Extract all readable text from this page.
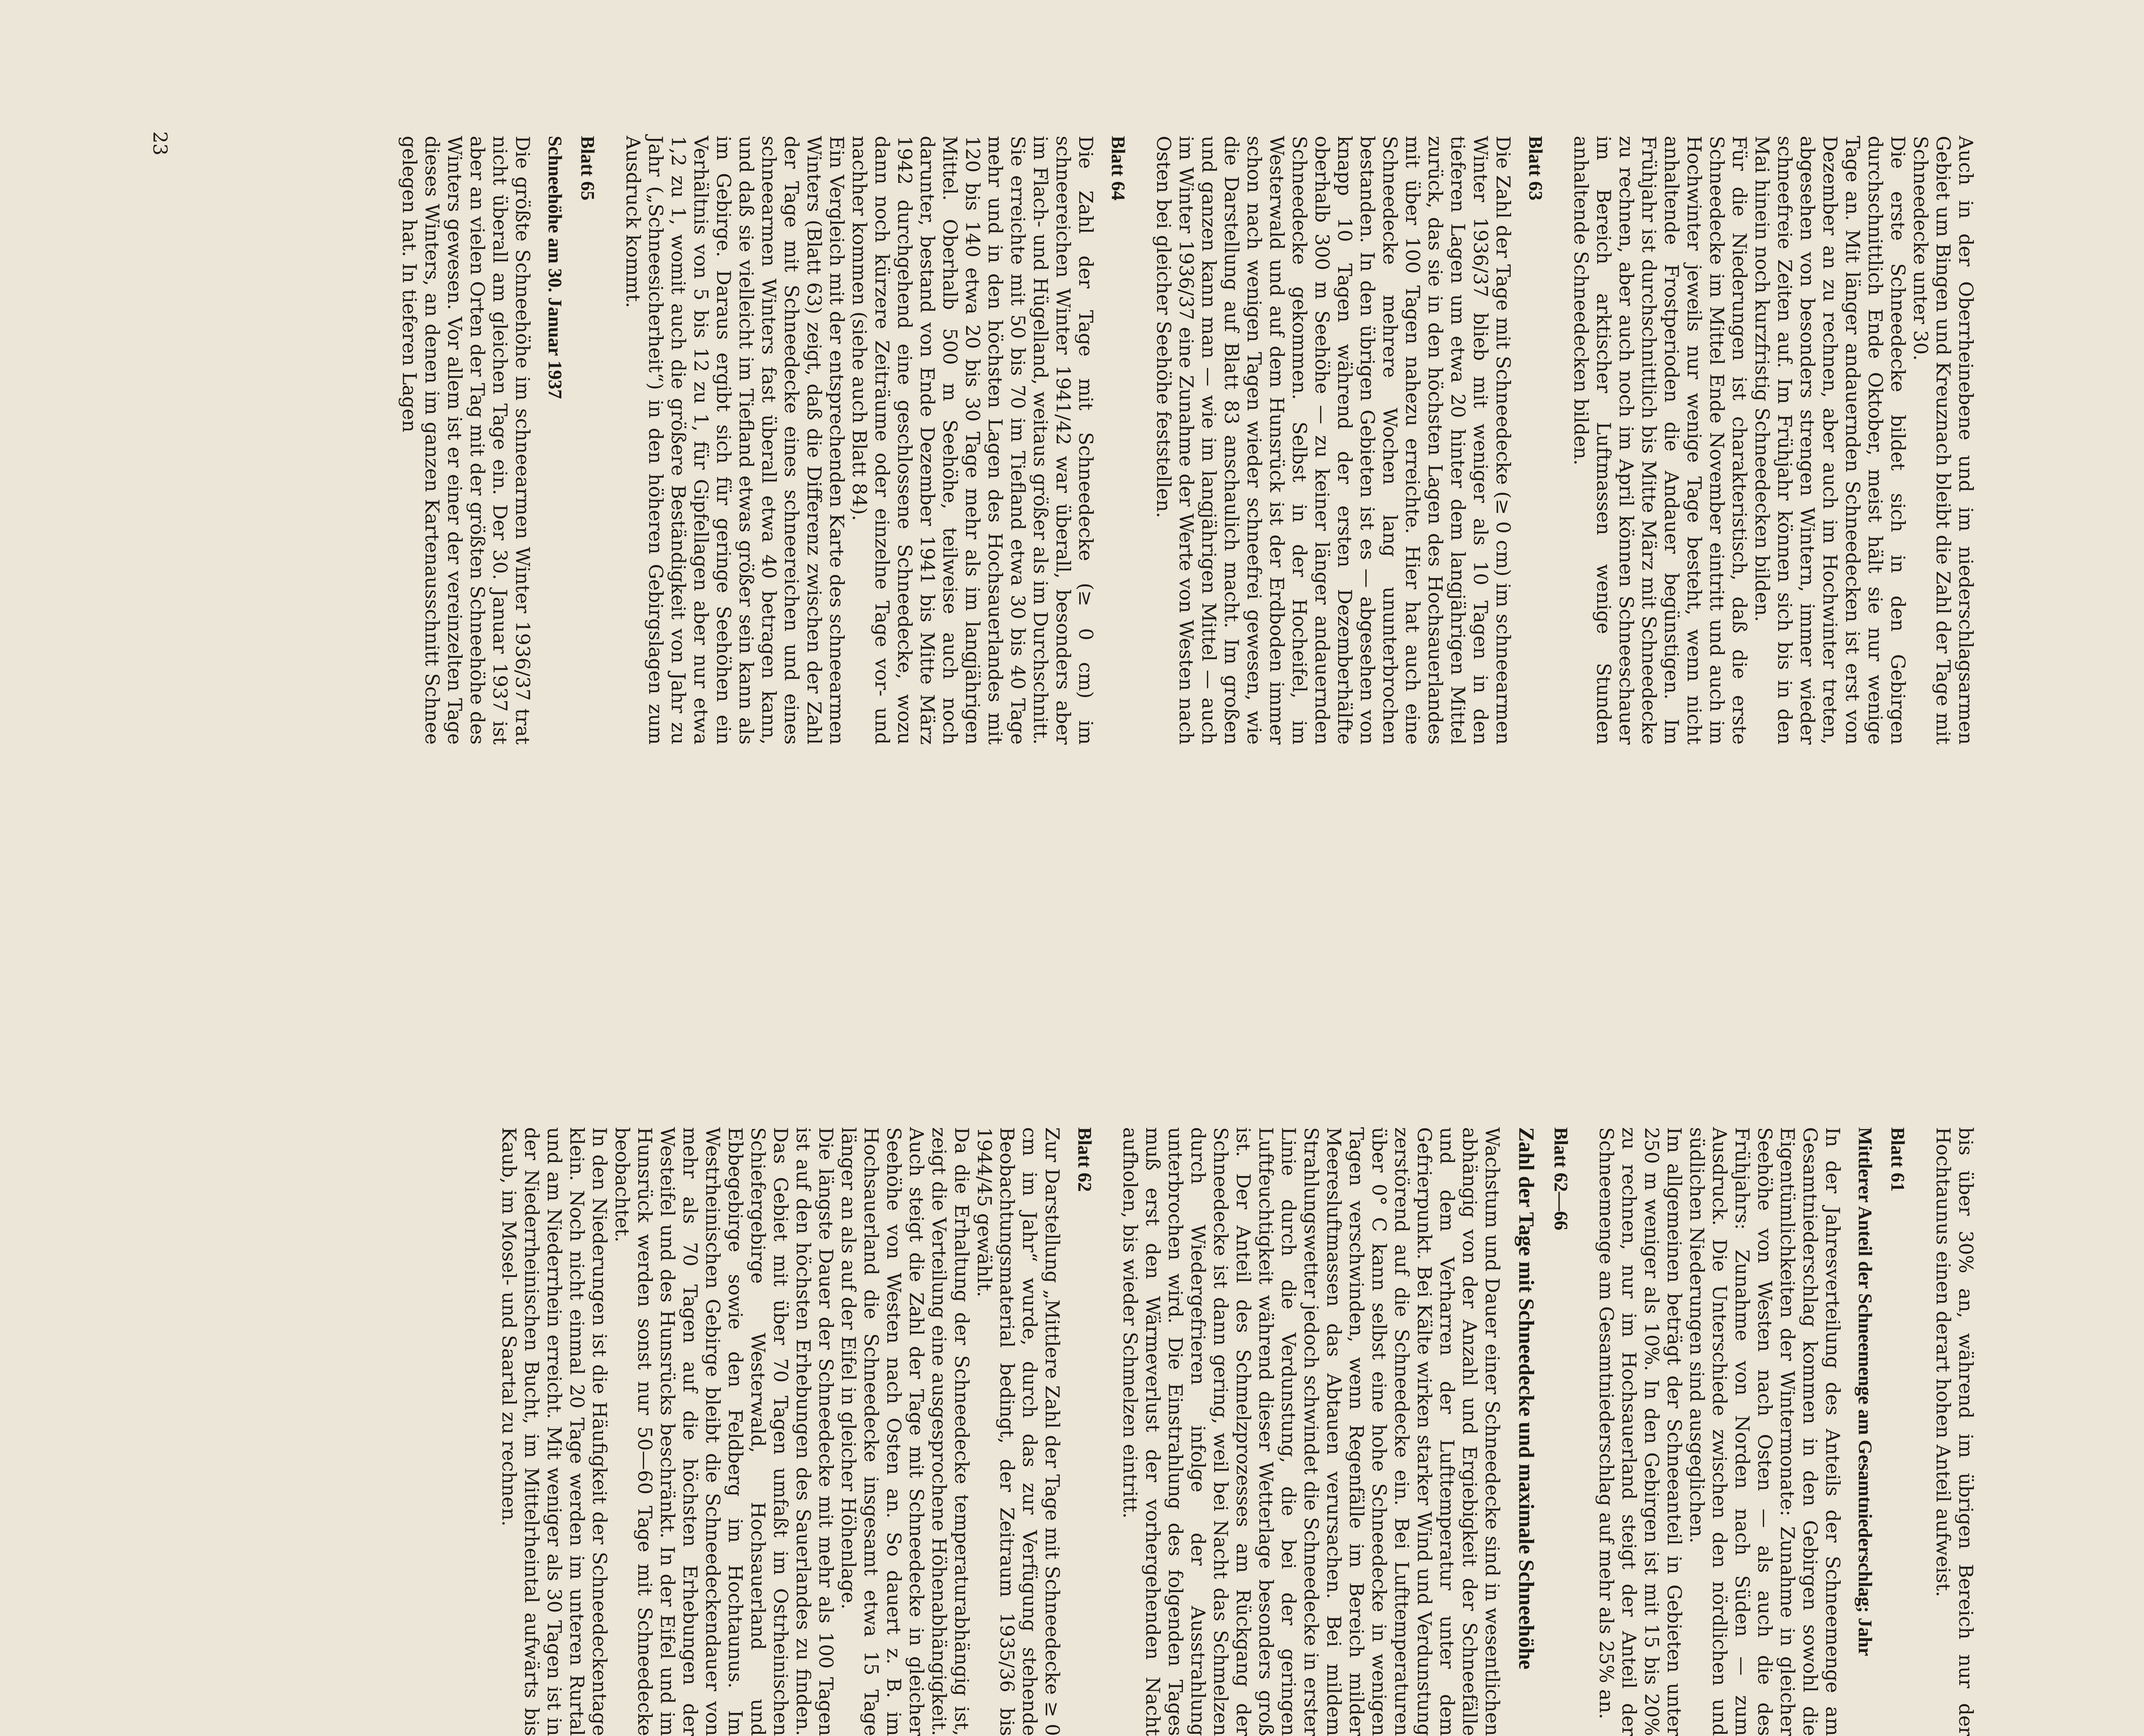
bis über 30% an, während im übrigen Bereich nur der Hochtaunus einen derart hohen Anteil aufweist.

Blatt 61

Mittlerer Anteil der Schneemenge am Gesamtniederschlag; Jahr

In der Jahresverteilung des Anteils der Schneemenge am Gesamtniederschlag kommen in den Gebirgen sowohl die Eigentümlichkeiten der Wintermonate: Zunahme in gleicher Seehöhe von Westen nach Osten — als auch die des Frühjahrs: Zunahme von Norden nach Süden — zum Ausdruck. Die Unterschiede zwischen den nördlichen und südlichen Niederungen sind ausgeglichen.

Im allgemeinen beträgt der Schneeanteil in Gebieten unter 250 m weniger als 10%. In den Gebirgen ist mit 15 bis 20% zu rechnen, nur im Hochsauerland steigt der Anteil der Schneemenge am Gesamtniederschlag auf mehr als 25% an.

Blatt 62—66

Zahl der Tage mit Schneedecke und maximale Schneehöhe

Wachstum und Dauer einer Schneedecke sind in wesentlichen abhängig von der Anzahl und Ergiebigkeit der Schneefälle und dem Verharren der Lufttemperatur unter dem Gefrierpunkt. Bei Kälte wirken starker Wind und Verdunstung zerstörend auf die Schneedecke ein. Bei Lufttemperaturen über 0° C kann selbst eine hohe Schneedecke in wenigen Tagen verschwinden, wenn Regenfälle im Bereich milder Meeresluftmassen das Abtauen verursachen. Bei mildem Strahlungswetter jedoch schwindet die Schneedecke in erster Linie durch die Verdunstung, die bei der geringen Luftfeuchtigkeit während dieser Wetterlage besonders groß ist. Der Anteil des Schmelzprozesses am Rückgang der Schneedecke ist dann gering, weil bei Nacht das Schmelzen durch Wiedergefrieren infolge der Ausstrahlung unterbrochen wird. Die Einstrahlung des folgenden Tages muß erst den Wärmeverlust der vorhergehenden Nacht aufholen, bis wieder Schmelzen eintritt.

Blatt 62

Zur Darstellung „Mittlere Zahl der Tage mit Schneedecke ≥ 0 cm im Jahr“ wurde, durch das zur Verfügung stehende Beobachtungsmaterial bedingt, der Zeitraum 1935/36 bis 1944/45 gewählt.

Da die Erhaltung der Schneedecke temperaturabhängig ist, zeigt die Verteilung eine ausgesprochene Höhenabhängigkeit. Auch steigt die Zahl der Tage mit Schneedecke in gleicher Seehöhe von Westen nach Osten an. So dauert z. B. im Hochsauerland die Schneedecke insgesamt etwa 15 Tage länger an als auf der Eifel in gleicher Höhenlage.

Die längste Dauer der Schneedecke mit mehr als 100 Tagen ist auf den höchsten Erhebungen des Sauerlandes zu finden. Das Gebiet mit über 70 Tagen umfaßt im Ostrheinischen Schiefergebirge Westerwald, Hochsauerland und Ebbegebirge sowie den Feldberg im Hochtaunus. Im Westrheinischen Gebirge bleibt die Schneedeckendauer von mehr als 70 Tagen auf die höchsten Erhebungen der Westeifel und des Hunsrücks beschränkt. In der Eifel und im Hunsrück werden sonst nur 50—60 Tage mit Schneedecke beobachtet.

In den Niederungen ist die Häufigkeit der Schneedeckentage klein. Noch nicht einmal 20 Tage werden im unteren Rurtal und am Niederrhein erreicht. Mit weniger als 30 Tagen ist in der Niederrheinischen Bucht, im Mittelrheintal aufwärts bis Kaub, im Mosel- und Saartal zu rechnen.

Auch in der Oberrheinebene und im niederschlagsarmen Gebiet um Bingen und Kreuznach bleibt die Zahl der Tage mit Schneedecke unter 30.

Die erste Schneedecke bildet sich in den Gebirgen durchschnittlich Ende Oktober, meist hält sie nur wenige Tage an. Mit länger andauernden Schneedecken ist erst von Dezember an zu rechnen, aber auch im Hochwinter treten, abgesehen von besonders strengen Wintern, immer wieder schneefreie Zeiten auf. Im Frühjahr können sich bis in den Mai hinein noch kurzfristig Schneedecken bilden.

Für die Niederungen ist charakteristisch, daß die erste Schneedecke im Mittel Ende November eintritt und auch im Hochwinter jeweils nur wenige Tage besteht, wenn nicht anhaltende Frostperioden die Andauer begünstigen. Im Frühjahr ist durchschnittlich bis Mitte März mit Schneedecke zu rechnen, aber auch noch im April können Schneeschauer im Bereich arktischer Luftmassen wenige Stunden anhaltende Schneedecken bilden.

Blatt 63

Die Zahl der Tage mit Schneedecke (≥ 0 cm) im schneearmen Winter 1936/37 blieb mit weniger als 10 Tagen in den tieferen Lagen um etwa 20 hinter dem langjährigen Mittel zurück, das sie in den höchsten Lagen des Hochsauerlandes mit über 100 Tagen nahezu erreichte. Hier hat auch eine Schneedecke mehrere Wochen lang ununterbrochen bestanden. In den übrigen Gebieten ist es — abgesehen von knapp 10 Tagen während der ersten Dezemberhälfte oberhalb 300 m Seehöhe — zu keiner länger andauernden Schneedecke gekommen. Selbst in der Hocheifel, im Westerwald und auf dem Hunsrück ist der Erdboden immer schon nach wenigen Tagen wieder schneefrei gewesen, wie die Darstellung auf Blatt 83 anschaulich macht. Im großen und ganzen kann man — wie im langjährigen Mittel — auch im Winter 1936/37 eine Zunahme der Werte von Westen nach Osten bei gleicher Seehöhe feststellen.

Blatt 64

Die Zahl der Tage mit Schneedecke (≥ 0 cm) im schneereichen Winter 1941/42 war überall, besonders aber im Flach- und Hügelland, weitaus größer als im Durchschnitt. Sie erreichte mit 50 bis 70 im Tiefland etwa 30 bis 40 Tage mehr und in den höchsten Lagen des Hochsauerlandes mit 120 bis 140 etwa 20 bis 30 Tage mehr als im langjährigen Mittel. Oberhalb 500 m Seehöhe, teilweise auch noch darunter, bestand von Ende Dezember 1941 bis Mitte März 1942 durchgehend eine geschlossene Schneedecke, wozu dann noch kürzere Zeiträume oder einzelne Tage vor- und nachher kommen (siehe auch Blatt 84).

Ein Vergleich mit der entsprechenden Karte des schneearmen Winters (Blatt 63) zeigt, daß die Differenz zwischen der Zahl der Tage mit Schneedecke eines schneereichen und eines schneearmen Winters fast überall etwa 40 betragen kann, und daß sie vielleicht im Tiefland etwas größer sein kann als im Gebirge. Daraus ergibt sich für geringe Seehöhen ein Verhältnis von 5 bis 12 zu 1, für Gipfellagen aber nur etwa 1,2 zu 1, womit auch die größere Beständigkeit von Jahr zu Jahr („Schneesicherheit“) in den höheren Gebirgslagen zum Ausdruck kommt.

Blatt 65

Schneehöhe am 30. Januar 1937

Die größte Schneehöhe im schneearmen Winter 1936/37 trat nicht überall am gleichen Tage ein. Der 30. Januar 1937 ist aber an vielen Orten der Tag mit der größten Schneehöhe des Winters gewesen. Vor allem ist er einer der vereinzelten Tage dieses Winters, an denen im ganzen Kartenausschnitt Schnee gelegen hat. In tieferen Lagen

23
